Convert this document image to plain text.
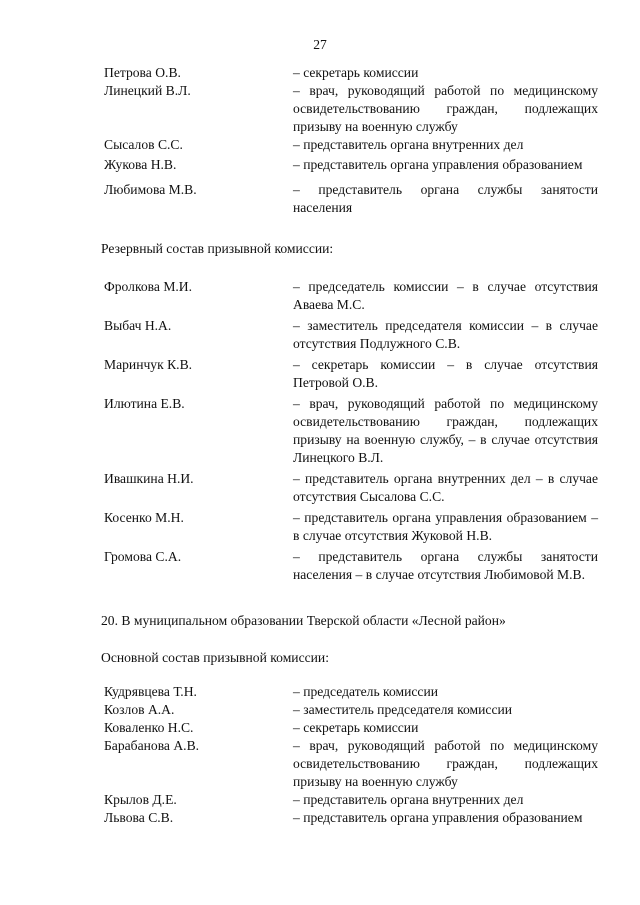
27
Петрова О.В.	– секретарь комиссии
Линецкий В.Л.	– врач, руководящий работой по медицинскому освидетельствованию граждан, подлежащих призыву на военную службу
Сысалов С.С.	– представитель органа внутренних дел
Жукова Н.В.	– представитель органа управления образованием
Любимова М.В.	– представитель органа службы занятости населения
Резервный состав призывной комиссии:
Фролкова М.И.	– председатель комиссии – в случае отсутствия Аваева М.С.
Выбач Н.А.	– заместитель председателя комиссии – в случае отсутствия Подлужного С.В.
Маринчук К.В.	– секретарь комиссии – в случае отсутствия Петровой О.В.
Илютина Е.В.	– врач, руководящий работой по медицинскому освидетельствованию граждан, подлежащих призыву на военную службу, – в случае отсутствия Линецкого В.Л.
Ивашкина Н.И.	– представитель органа внутренних дел – в случае отсутствия Сысалова С.С.
Косенко М.Н.	– представитель органа управления образованием – в случае отсутствия Жуковой Н.В.
Громова С.А.	– представитель органа службы занятости населения – в случае отсутствия Любимовой М.В.
20. В муниципальном образовании Тверской области «Лесной район»
Основной состав призывной комиссии:
Кудрявцева Т.Н.	– председатель комиссии
Козлов А.А.	– заместитель председателя комиссии
Коваленко Н.С.	– секретарь комиссии
Барабанова А.В.	– врач, руководящий работой по медицинскому освидетельствованию граждан, подлежащих призыву на военную службу
Крылов Д.Е.	– представитель органа внутренних дел
Львова С.В.	– представитель органа управления образованием
